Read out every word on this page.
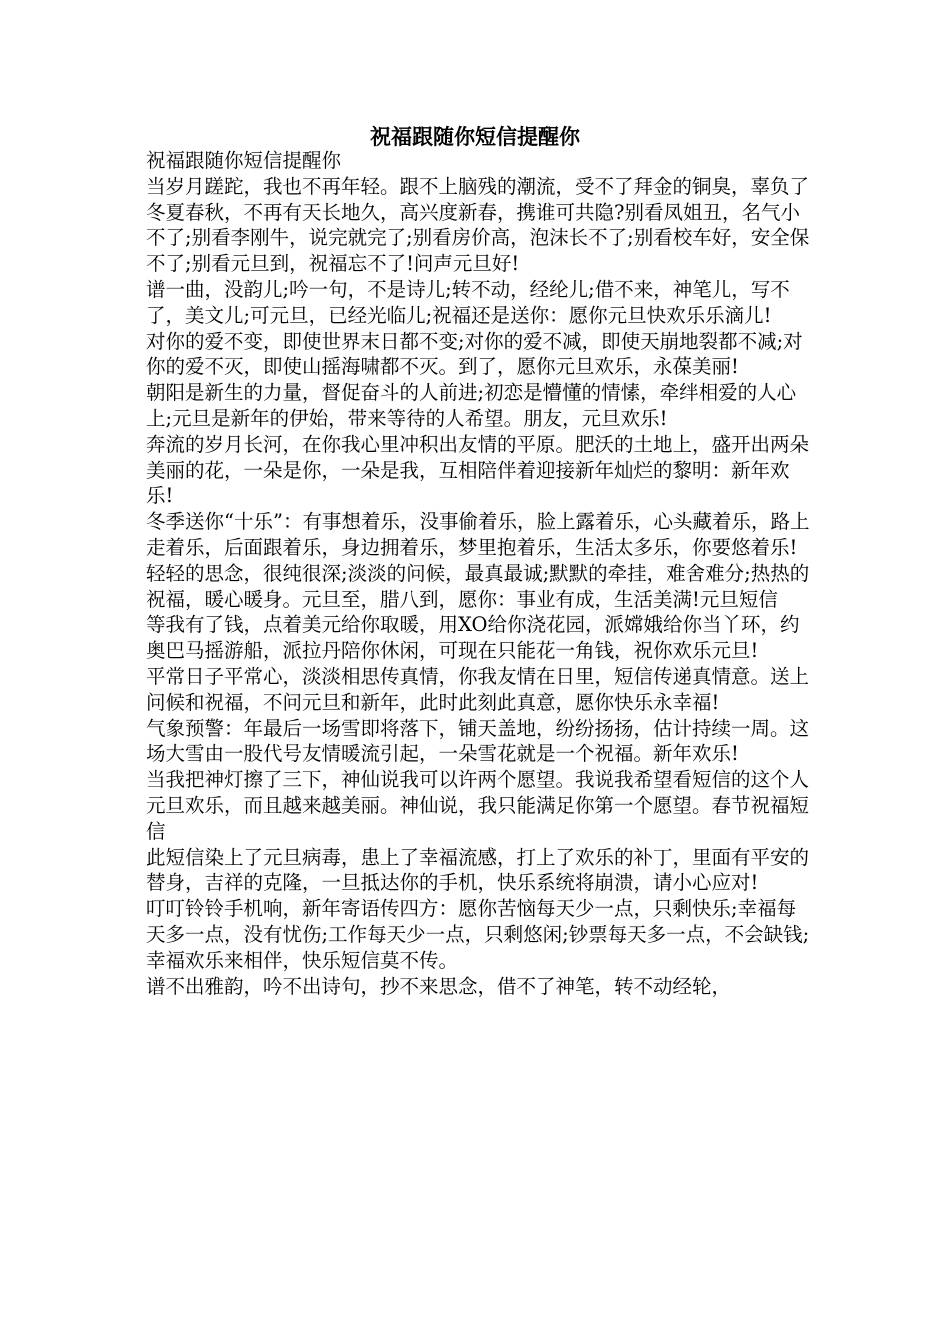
祝福跟随你短信提醒你

祝福跟随你短信提醒你

当岁月蹉跎，我也不再年轻。跟不上脑残的潮流，受不了拜金的铜臭，辜负了冬夏春秋，不再有天长地久，高兴度新春，携谁可共隐?别看凤姐丑，名气小不了;别看李刚牛，说完就完了;别看房价高，泡沫长不了;别看校车好，安全保不了;别看元旦到，祝福忘不了!问声元旦好!

谱一曲，没韵儿;吟一句，不是诗儿;转不动，经纶儿;借不来，神笔儿，写不了，美文儿;可元旦，已经光临儿;祝福还是送你：愿你元旦快欢乐乐滴儿!

对你的爱不变，即使世界末日都不变;对你的爱不减，即使天崩地裂都不减;对你的爱不灭，即使山摇海啸都不灭。到了，愿你元旦欢乐，永葆美丽!

朝阳是新生的力量，督促奋斗的人前进;初恋是懵懂的情愫，牵绊相爱的人心上;元旦是新年的伊始，带来等待的人希望。朋友，元旦欢乐!

奔流的岁月长河，在你我心里冲积出友情的平原。肥沃的土地上，盛开出两朵美丽的花，一朵是你，一朵是我，互相陪伴着迎接新年灿烂的黎明：新年欢乐!

冬季送你“十乐”：有事想着乐，没事偷着乐，脸上露着乐，心头藏着乐，路上走着乐，后面跟着乐，身边拥着乐，梦里抱着乐，生活太多乐，你要悠着乐!

轻轻的思念，很纯很深;淡淡的问候，最真最诚;默默的牵挂，难舍难分;热热的祝福，暖心暖身。元旦至，腊八到，愿你：事业有成，生活美满!元旦短信

等我有了钱，点着美元给你取暖，用XO给你浇花园，派嫦娥给你当丫环，约奥巴马摇游船，派拉丹陪你休闲，可现在只能花一角钱，祝你欢乐元旦!

平常日子平常心，淡淡相思传真情，你我友情在日里，短信传递真情意。送上问候和祝福，不问元旦和新年，此时此刻此真意，愿你快乐永幸福!

气象预警：年最后一场雪即将落下，铺天盖地，纷纷扬扬，估计持续一周。这场大雪由一股代号友情暖流引起，一朵雪花就是一个祝福。新年欢乐!

当我把神灯擦了三下，神仙说我可以许两个愿望。我说我希望看短信的这个人元旦欢乐，而且越来越美丽。神仙说，我只能满足你第一个愿望。春节祝福短信

此短信染上了元旦病毒，患上了幸福流感，打上了欢乐的补丁，里面有平安的替身，吉祥的克隆，一旦抵达你的手机，快乐系统将崩溃，请小心应对!

叮叮铃铃手机响，新年寄语传四方：愿你苦恼每天少一点，只剩快乐;幸福每天多一点，没有忧伤;工作每天少一点，只剩悠闲;钞票每天多一点，不会缺钱;幸福欢乐来相伴，快乐短信莫不传。

谱不出雅韵，吟不出诗句，抄不来思念，借不了神笔，转不动经轮，
